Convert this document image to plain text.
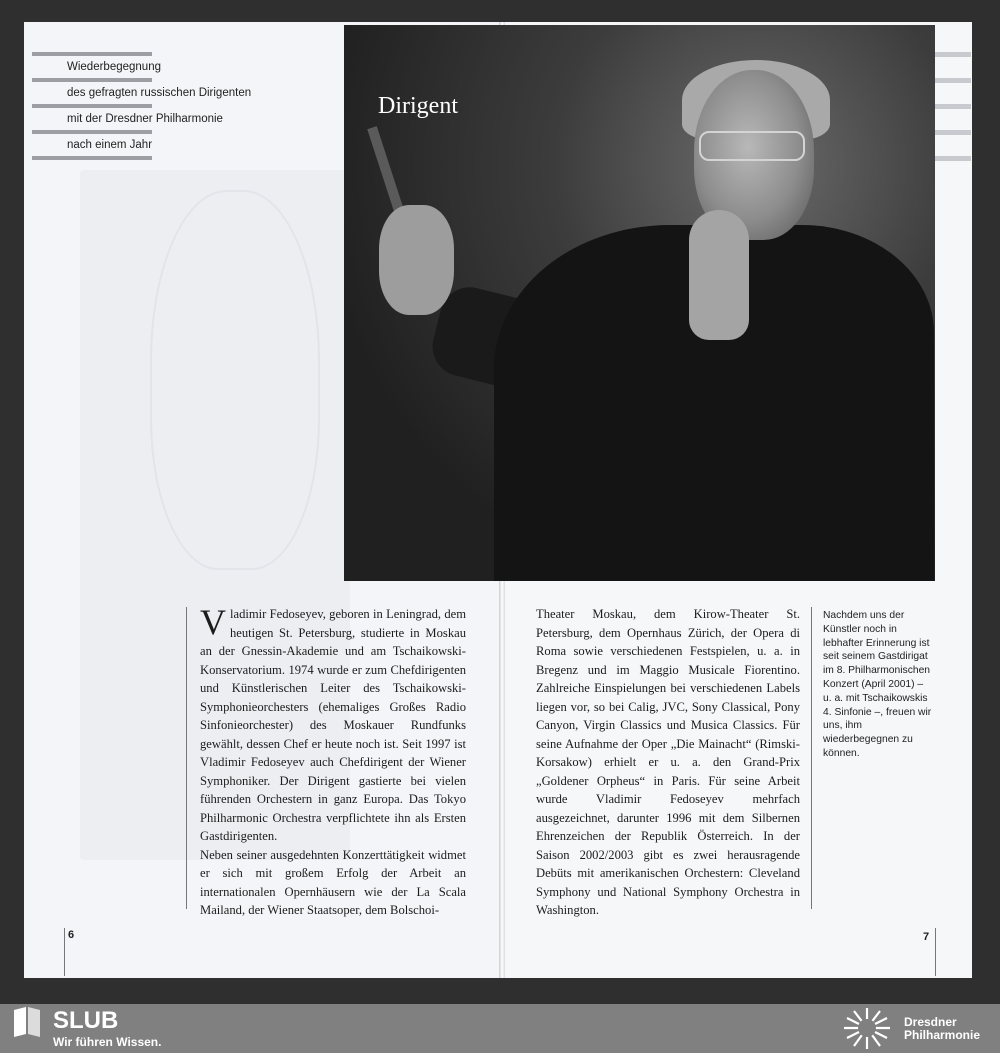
Wiederbegegnung
des gefragten russischen Dirigenten
mit der Dresdner Philharmonie
nach einem Jahr
Dirigent
V ladimir Fedoseyev, geboren in Leningrad, dem heutigen St. Petersburg, studierte in Moskau an der Gnessin-Akademie und am Tschaikowski-Konservatorium. 1974 wurde er zum Chefdirigenten und Künstlerischen Leiter des Tschaikowski-Symphonieorchesters (ehemaliges Großes Radio Sinfonieorchester) des Moskauer Rundfunks gewählt, dessen Chef er heute noch ist. Seit 1997 ist Vladimir Fedoseyev auch Chefdirigent der Wiener Symphoniker. Der Dirigent gastierte bei vielen führenden Orchestern in ganz Europa. Das Tokyo Philharmonic Orchestra verpflichtete ihn als Ersten Gastdirigenten.
Neben seiner ausgedehnten Konzerttätigkeit widmet er sich mit großem Erfolg der Arbeit an internationalen Opernhäusern wie der La Scala Mailand, der Wiener Staatsoper, dem Bolschoi-
Theater Moskau, dem Kirow-Theater St. Petersburg, dem Opernhaus Zürich, der Opera di Roma sowie verschiedenen Festspielen, u. a. in Bregenz und im Maggio Musicale Fiorentino. Zahlreiche Einspielungen bei verschiedenen Labels liegen vor, so bei Calig, JVC, Sony Classical, Pony Canyon, Virgin Classics und Musica Classics. Für seine Aufnahme der Oper „Die Mainacht“ (Rimski-Korsakow) erhielt er u. a. den Grand-Prix „Goldener Orpheus“ in Paris. Für seine Arbeit wurde Vladimir Fedoseyev mehrfach ausgezeichnet, darunter 1996 mit dem Silbernen Ehrenzeichen der Republik Österreich. In der Saison 2002/2003 gibt es zwei herausragende Debüts mit amerikanischen Orchestern: Cleveland Symphony und National Symphony Orchestra in Washington.
Nachdem uns der Künstler noch in lebhafter Erinnerung ist seit seinem Gastdirigat im 8. Philharmonischen Konzert (April 2001) – u. a. mit Tschaikowskis 4. Sinfonie –, freuen wir uns, ihm wiederbegegnen zu können.
6	7
SLUB
Wir führen Wissen.
Dresdner
Philharmonie
